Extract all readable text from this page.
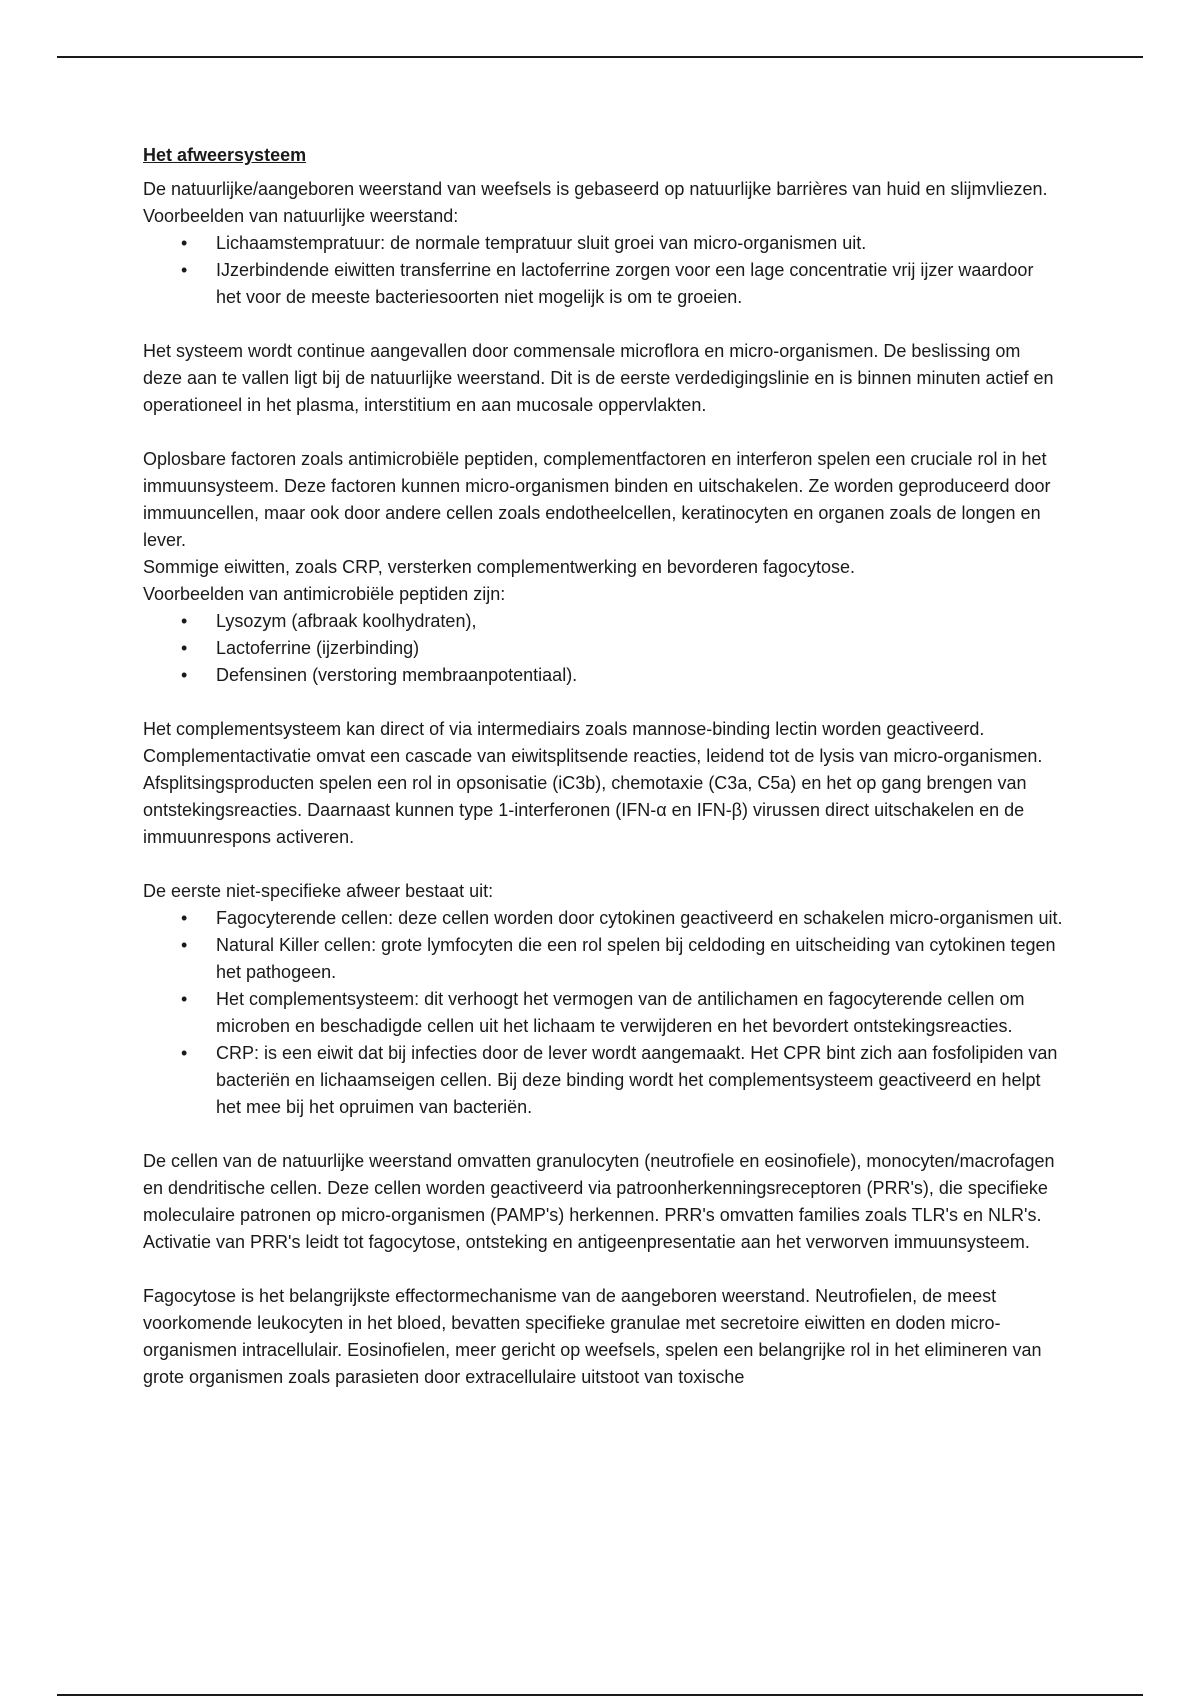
Het afweersysteem

De natuurlijke/aangeboren weerstand van weefsels is gebaseerd op natuurlijke barrières van huid en slijmvliezen. Voorbeelden van natuurlijke weerstand:

• Lichaamstempratuur: de normale tempratuur sluit groei van micro-organismen uit.
• IJzerbindende eiwitten transferrine en lactoferrine zorgen voor een lage concentratie vrij ijzer waardoor het voor de meeste bacteriesoorten niet mogelijk is om te groeien.

Het systeem wordt continue aangevallen door commensale microflora en micro-organismen. De beslissing om deze aan te vallen ligt bij de natuurlijke weerstand. Dit is de eerste verdedigingslinie en is binnen minuten actief en operationeel in het plasma, interstitium en aan mucosale oppervlakten.

Oplosbare factoren zoals antimicrobiële peptiden, complementfactoren en interferon spelen een cruciale rol in het immuunsysteem. Deze factoren kunnen micro-organismen binden en uitschakelen. Ze worden geproduceerd door immuuncellen, maar ook door andere cellen zoals endotheelcellen, keratinocyten en organen zoals de longen en lever.

Sommige eiwitten, zoals CRP, versterken complementwerking en bevorderen fagocytose.

Voorbeelden van antimicrobiële peptiden zijn:

• Lysozym (afbraak koolhydraten),
• Lactoferrine (ijzerbinding)
• Defensinen (verstoring membraanpotentiaal).

Het complementsysteem kan direct of via intermediairs zoals mannose-binding lectin worden geactiveerd.

Complementactivatie omvat een cascade van eiwitsplitsende reacties, leidend tot de lysis van micro-organismen. Afsplitsingsproducten spelen een rol in opsonisatie (iC3b), chemotaxie (C3a, C5a) en het op gang brengen van ontstekingsreacties. Daarnaast kunnen type 1-interferonen (IFN-α en IFN-β) virussen direct uitschakelen en de immuunrespons activeren.

De eerste niet-specifieke afweer bestaat uit:

• Fagocyterende cellen: deze cellen worden door cytokinen geactiveerd en schakelen micro-organismen uit.
• Natural Killer cellen: grote lymfocyten die een rol spelen bij celdoding en uitscheiding van cytokinen tegen het pathogeen.
• Het complementsysteem: dit verhoogt het vermogen van de antilichamen en fagocyterende cellen om microben en beschadigde cellen uit het lichaam te verwijderen en het bevordert ontstekingsreacties.
• CRP: is een eiwit dat bij infecties door de lever wordt aangemaakt. Het CPR bint zich aan fosfolipiden van bacteriën en lichaamseigen cellen. Bij deze binding wordt het complementsysteem geactiveerd en helpt het mee bij het opruimen van bacteriën.

De cellen van de natuurlijke weerstand omvatten granulocyten (neutrofiele en eosinofiele), monocyten/macrofagen en dendritische cellen. Deze cellen worden geactiveerd via patroonherkenningsreceptoren (PRR's), die specifieke moleculaire patronen op micro-organismen (PAMP's) herkennen. PRR's omvatten families zoals TLR's en NLR's. Activatie van PRR's leidt tot fagocytose, ontsteking en antigeenpresentatie aan het verworven immuunsysteem.

Fagocytose is het belangrijkste effectormechanisme van de aangeboren weerstand. Neutrofielen, de meest voorkomende leukocyten in het bloed, bevatten specifieke granulae met secretoire eiwitten en doden micro-organismen intracellulair. Eosinofielen, meer gericht op weefsels, spelen een belangrijke rol in het elimineren van grote organismen zoals parasieten door extracellulaire uitstoot van toxische
